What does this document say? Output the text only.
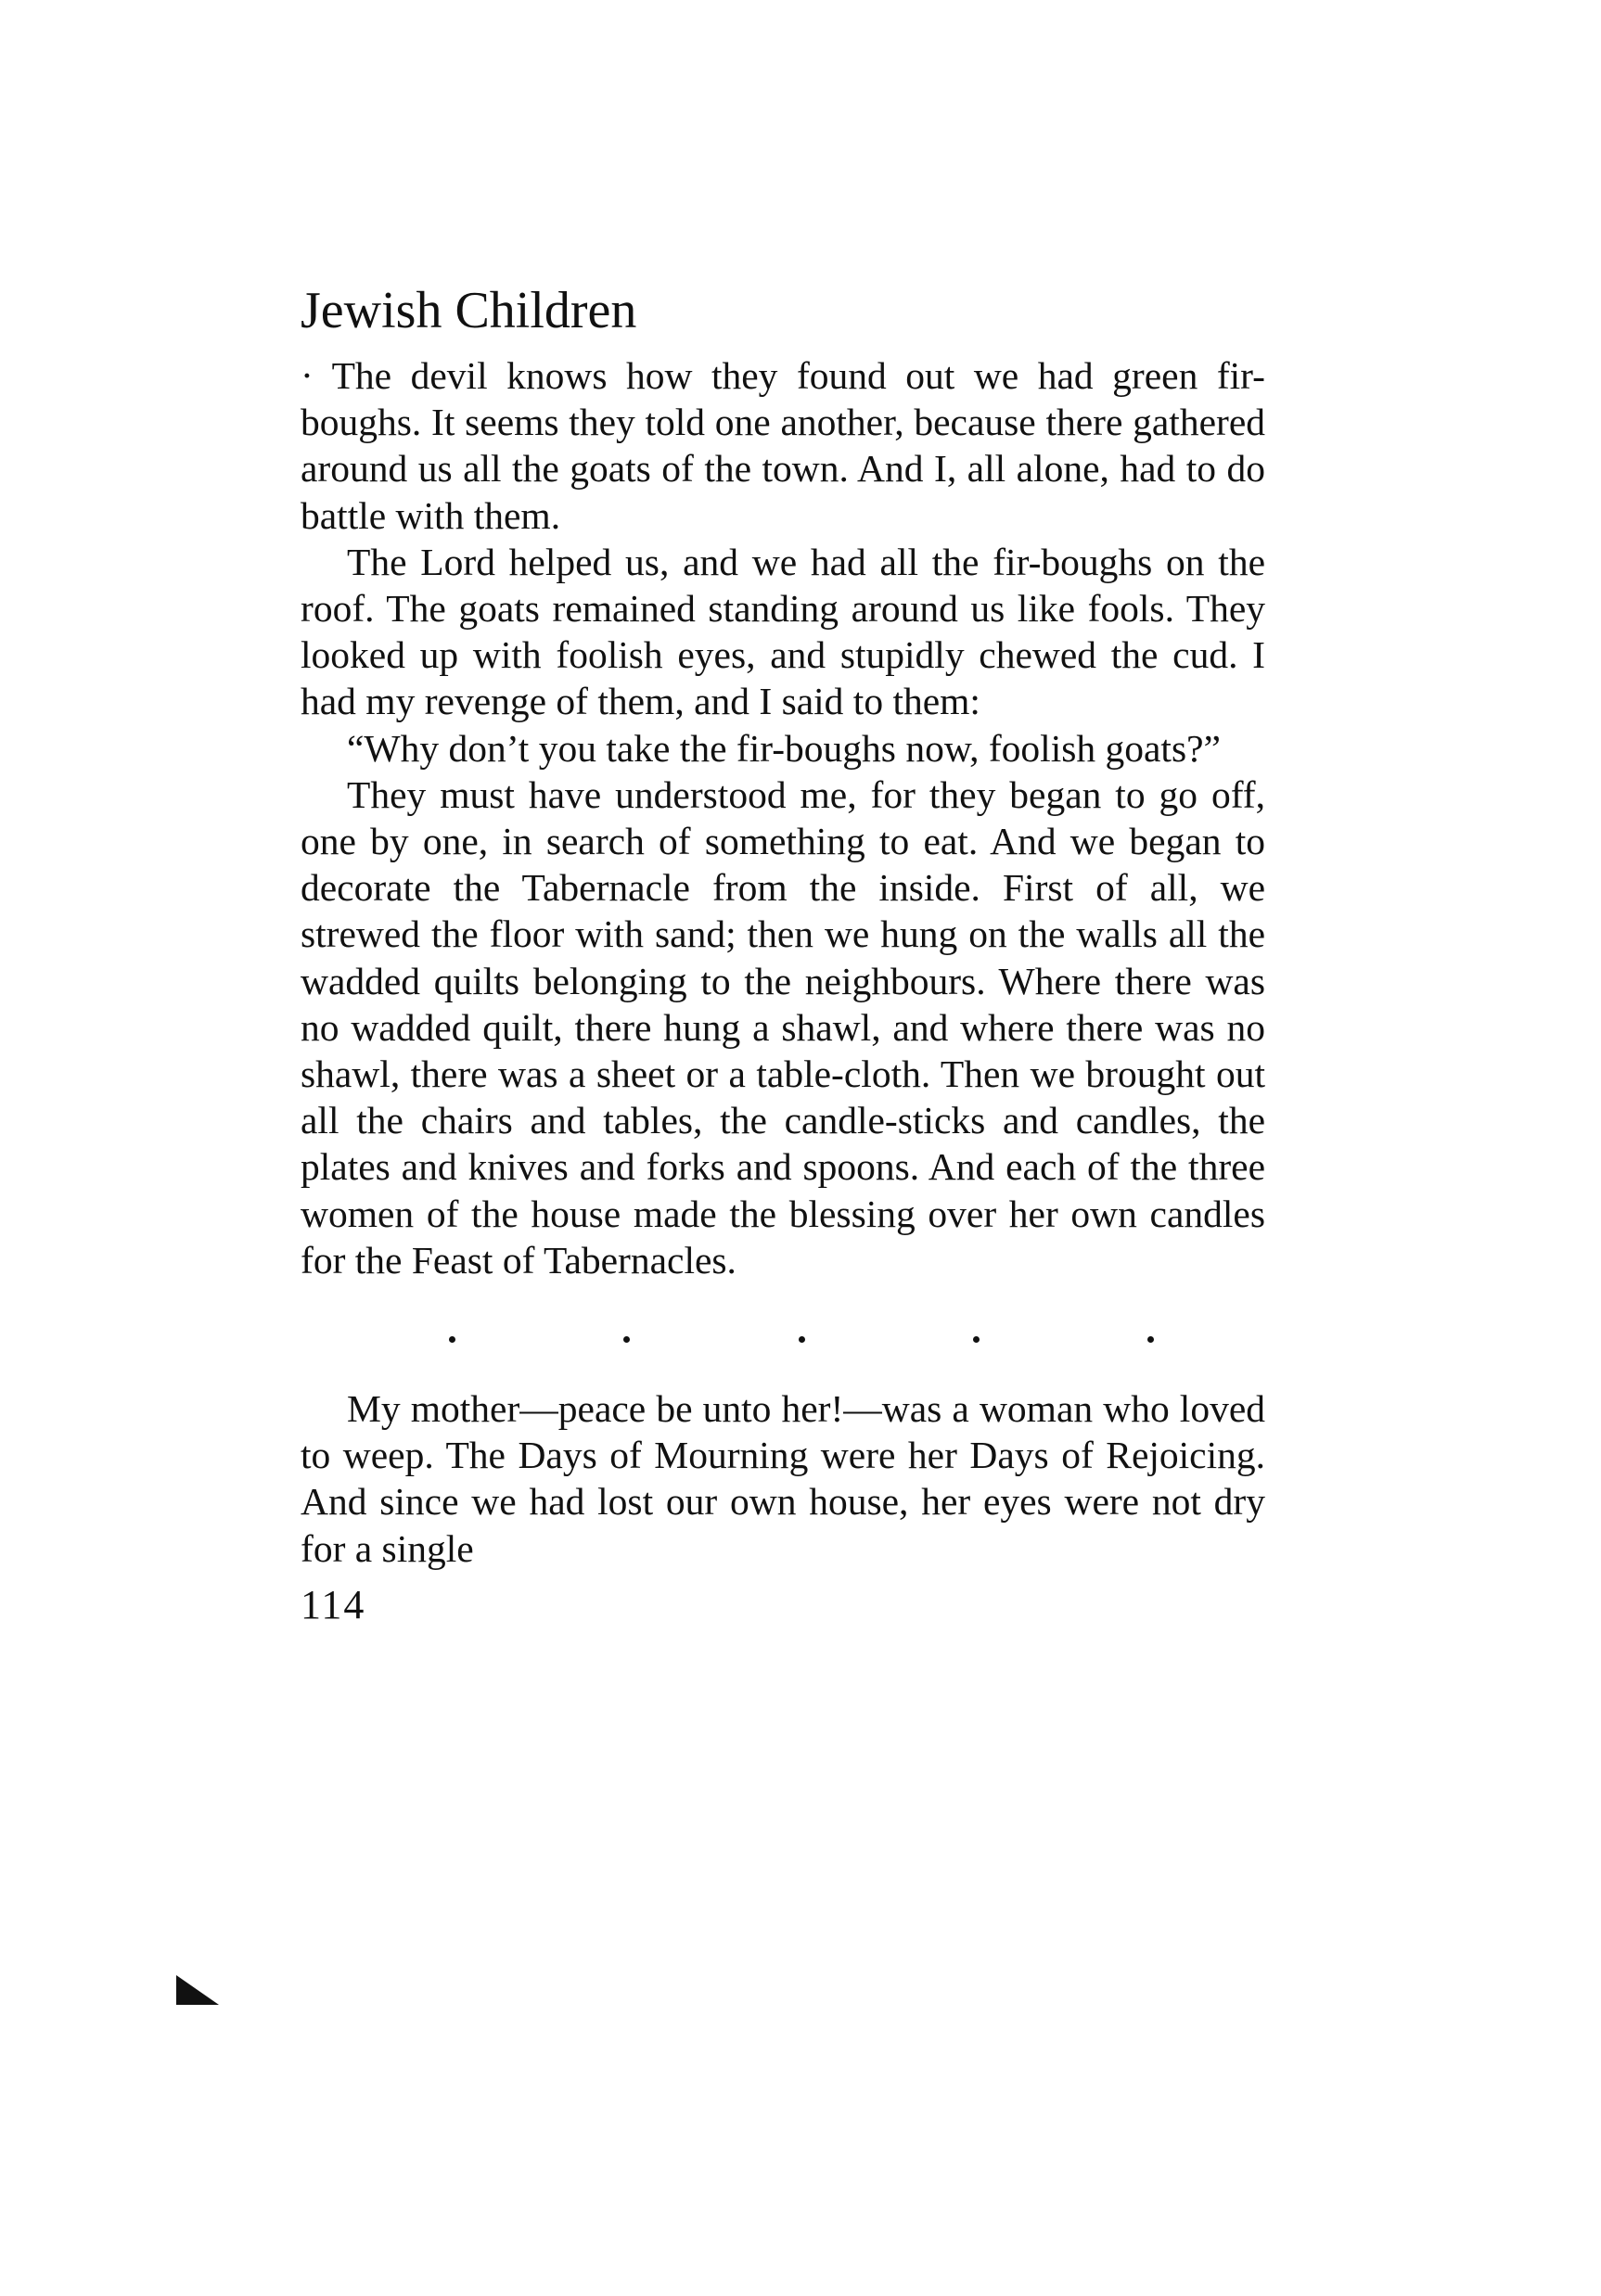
Jewish Children

· The devil knows how they found out we had green fir-boughs. It seems they told one another, because there gathered around us all the goats of the town. And I, all alone, had to do battle with them.

The Lord helped us, and we had all the fir-boughs on the roof. The goats remained standing around us like fools. They looked up with foolish eyes, and stupidly chewed the cud. I had my revenge of them, and I said to them:

“Why don’t you take the fir-boughs now, foolish goats?”

They must have understood me, for they began to go off, one by one, in search of something to eat. And we began to decorate the Tabernacle from the inside. First of all, we strewed the floor with sand; then we hung on the walls all the wadded quilts belonging to the neighbours. Where there was no wadded quilt, there hung a shawl, and where there was no shawl, there was a sheet or a table-cloth. Then we brought out all the chairs and tables, the candle-sticks and candles, the plates and knives and forks and spoons. And each of the three women of the house made the blessing over her own candles for the Feast of Tabernacles.

My mother—peace be unto her!—was a woman who loved to weep. The Days of Mourning were her Days of Rejoicing. And since we had lost our own house, her eyes were not dry for a single

114
